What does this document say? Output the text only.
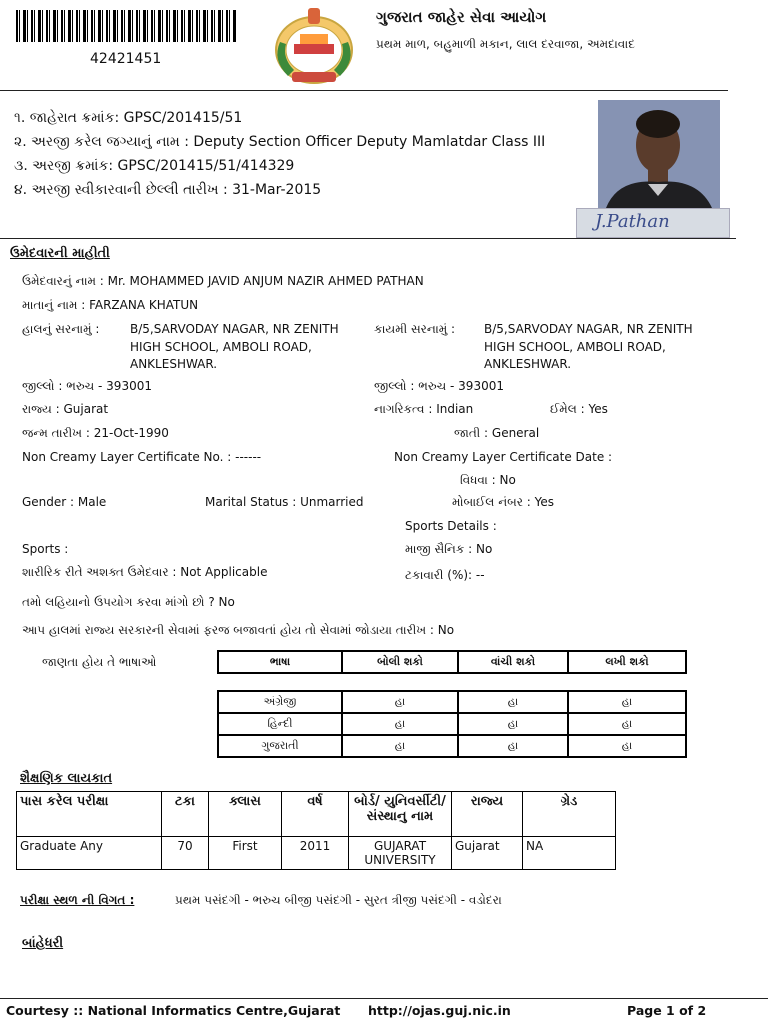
42421451
ગુજરાત જાહેર સેવા આયોગ
પ્રથમ માળ, બહુમાળી મકાન, લાલ દરવાજા, અમદાવાદ
૧. જાહેરાત ક્રમાંક: GPSC/201415/51
૨. અરજી કરેલ જગ્યાનું નામ : Deputy Section Officer Deputy Mamlatdar Class III
૩. અરજી ક્રમાંક: GPSC/201415/51/414329
૪. અરજી સ્વીકારવાની છેલ્લી તારીખ : 31-Mar-2015
J.Pathan
ઉમેદવારની માહીતી
ઉમેદવારનું નામ : Mr. MOHAMMED JAVID ANJUM NAZIR AHMED PATHAN
માતાનું નામ : FARZANA KHATUN
હાલનું સરનામું :	B/5,SARVODAY NAGAR, NR ZENITH
HIGH SCHOOL, AMBOLI ROAD,
ANKLESHWAR.
કાયમી સરનામું : B/5,SARVODAY NAGAR, NR ZENITH
HIGH SCHOOL, AMBOLI ROAD,
ANKLESHWAR.
જીલ્લો : ભરુચ - 393001	જીલ્લો : ભરુચ - 393001
રાજ્ય : Gujarat	નાગરિકત્વ : Indian	ઈમેલ : Yes
જન્મ તારીખ : 21-Oct-1990	જાતી : General
Non Creamy Layer Certificate No. : ------	Non Creamy Layer Certificate Date :
વિધવા : No
Gender : Male	Marital Status : Unmarried	મોબાઈલ નંબર : Yes
Sports Details :
Sports :	માજી સૈનિક : No
શારીરિક રીતે અશક્ત ઉમેદવાર : Not Applicable	ટકાવારી (%): --
તમો લહિયાનો ઉપયોગ કરવા માંગો છો ? No
આપ હાલમાં રાજ્ય સરકારની સેવામાં ફરજ બજાવતાં હોય તો સેવામાં જોડાયા તારીખ : No
જાણતા હોય તે ભાષાઓ	ભાષા	બોલી શકો	વાંચી શકો	લખી શકો
અંગ્રેજી	હા	હા	હા
હિન્દી	હા	હા	હા
ગુજરાતી	હા	હા	હા
શૈક્ષણિક લાયકાત
પાસ કરેલ પરીક્ષા	ટકા	ક્લાસ	વર્ષ	બોર્ડ/ યુનિવર્સીટી/ સંસ્થાનુ નામ	રાજ્ય	ગ્રેડ
Graduate Any	70	First	2011	GUJARAT UNIVERSITY	Gujarat	NA
પરીક્ષા સ્થળ ની વિગત :	પ્રથમ પસંદગી - ભરુચ બીજી પસંદગી - સુરત ત્રીજી પસંદગી - વડોદરા
બાંહેધરી
Courtesy :: National Informatics Centre,Gujarat http://ojas.guj.nic.in	Page 1 of 2
